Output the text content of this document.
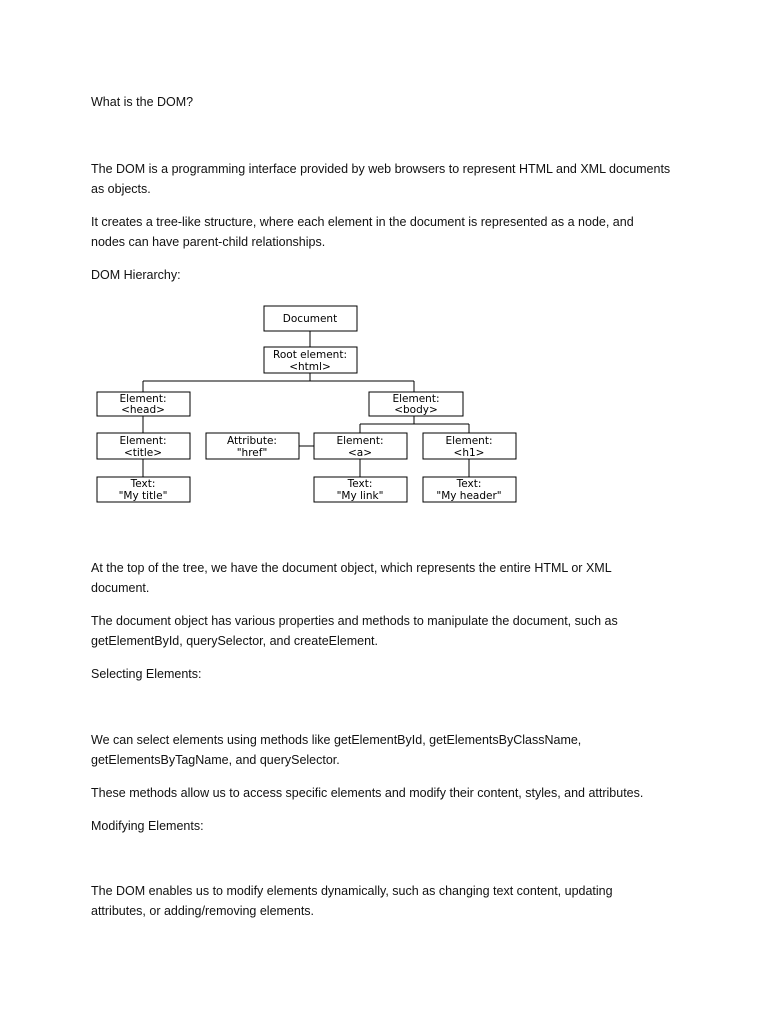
What is the DOM?
The DOM is a programming interface provided by web browsers to represent HTML and XML documents
as objects.
It creates a tree-like structure, where each element in the document is represented as a node, and
nodes can have parent-child relationships.
DOM Hierarchy:
Document
Root element:
<html>
Element:
<head>
Element:
<body>
Element:
<title>
Attribute:
"href"
Element:
<a>
Element:
<h1>
Text:
"My title"
Text:
"My link"
Text:
"My header"
At the top of the tree, we have the document object, which represents the entire HTML or XML
document.
The document object has various properties and methods to manipulate the document, such as
getElementById, querySelector, and createElement.
Selecting Elements:
We can select elements using methods like getElementById, getElementsByClassName,
getElementsByTagName, and querySelector.
These methods allow us to access specific elements and modify their content, styles, and attributes.
Modifying Elements:
The DOM enables us to modify elements dynamically, such as changing text content, updating
attributes, or adding/removing elements.
